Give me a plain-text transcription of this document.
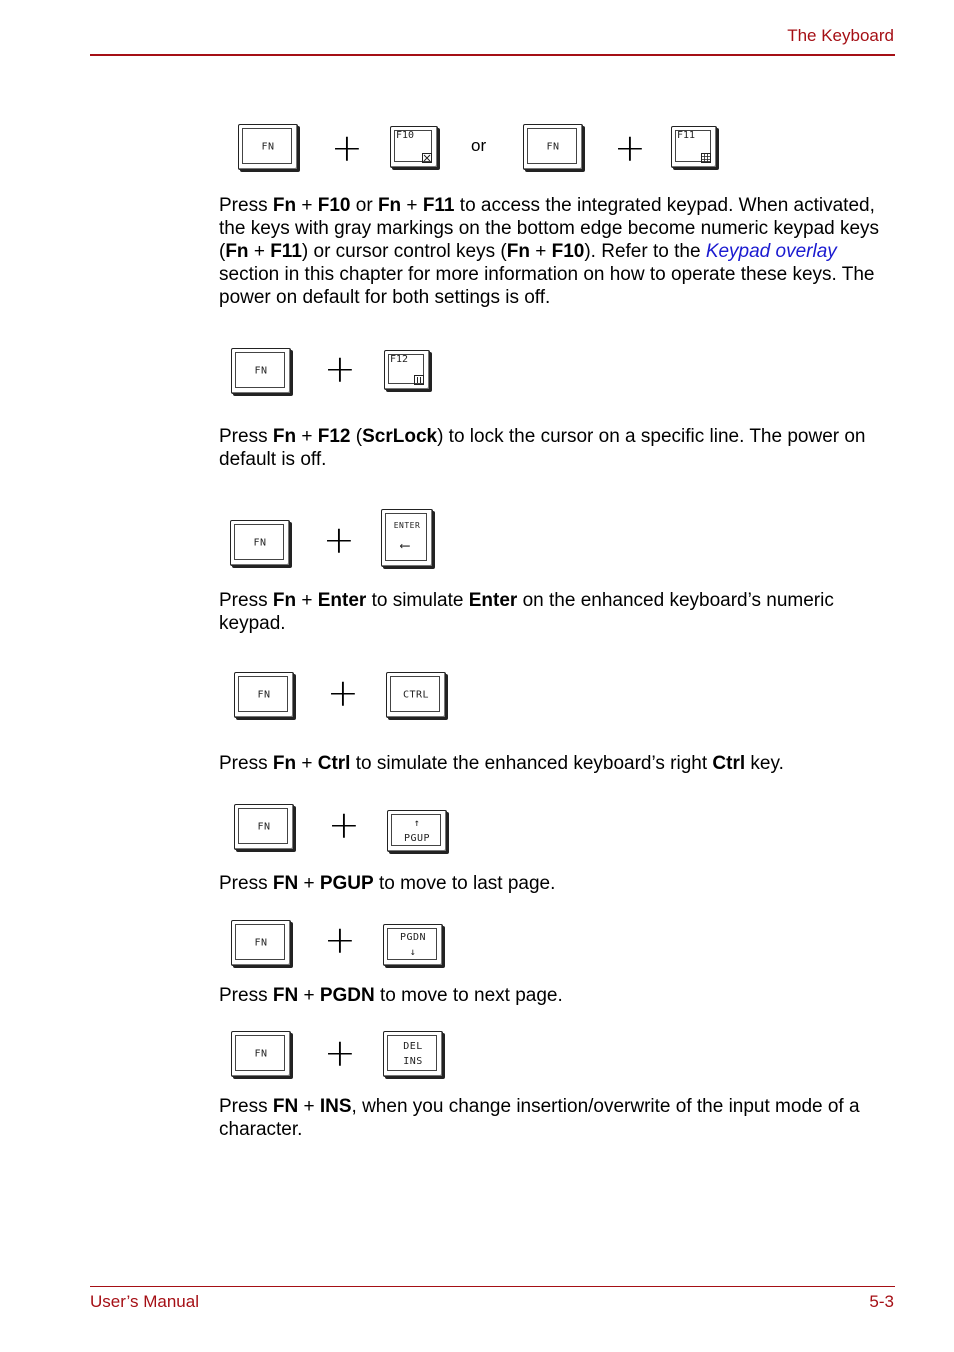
The Keyboard
FN	+	F10
or	FN	+	F11
Press Fn + F10 or Fn + F11 to access the integrated keypad. When activated, the keys with gray markings on the bottom edge become numeric keypad keys (Fn + F11) or cursor control keys (Fn + F10). Refer to the Keypad overlay section in this chapter for more information on how to operate these keys. The power on default for both settings is off.
FN	+	F12
Press Fn + F12 (ScrLock) to lock the cursor on a specific line. The power on default is off.
FN	+	ENTER
⟵
Press Fn + Enter to simulate Enter on the enhanced keyboard’s numeric keypad.
FN	+	CTRL
Press Fn + Ctrl to simulate the enhanced keyboard’s right Ctrl key.
FN	+	↑
PGUP
Press FN + PGUP to move to last page.
FN	+	PGDN
↓
Press FN + PGDN to move to next page.
FN	+	DEL
INS
Press FN + INS, when you change insertion/overwrite of the input mode of a character.
User’s Manual	5-3
